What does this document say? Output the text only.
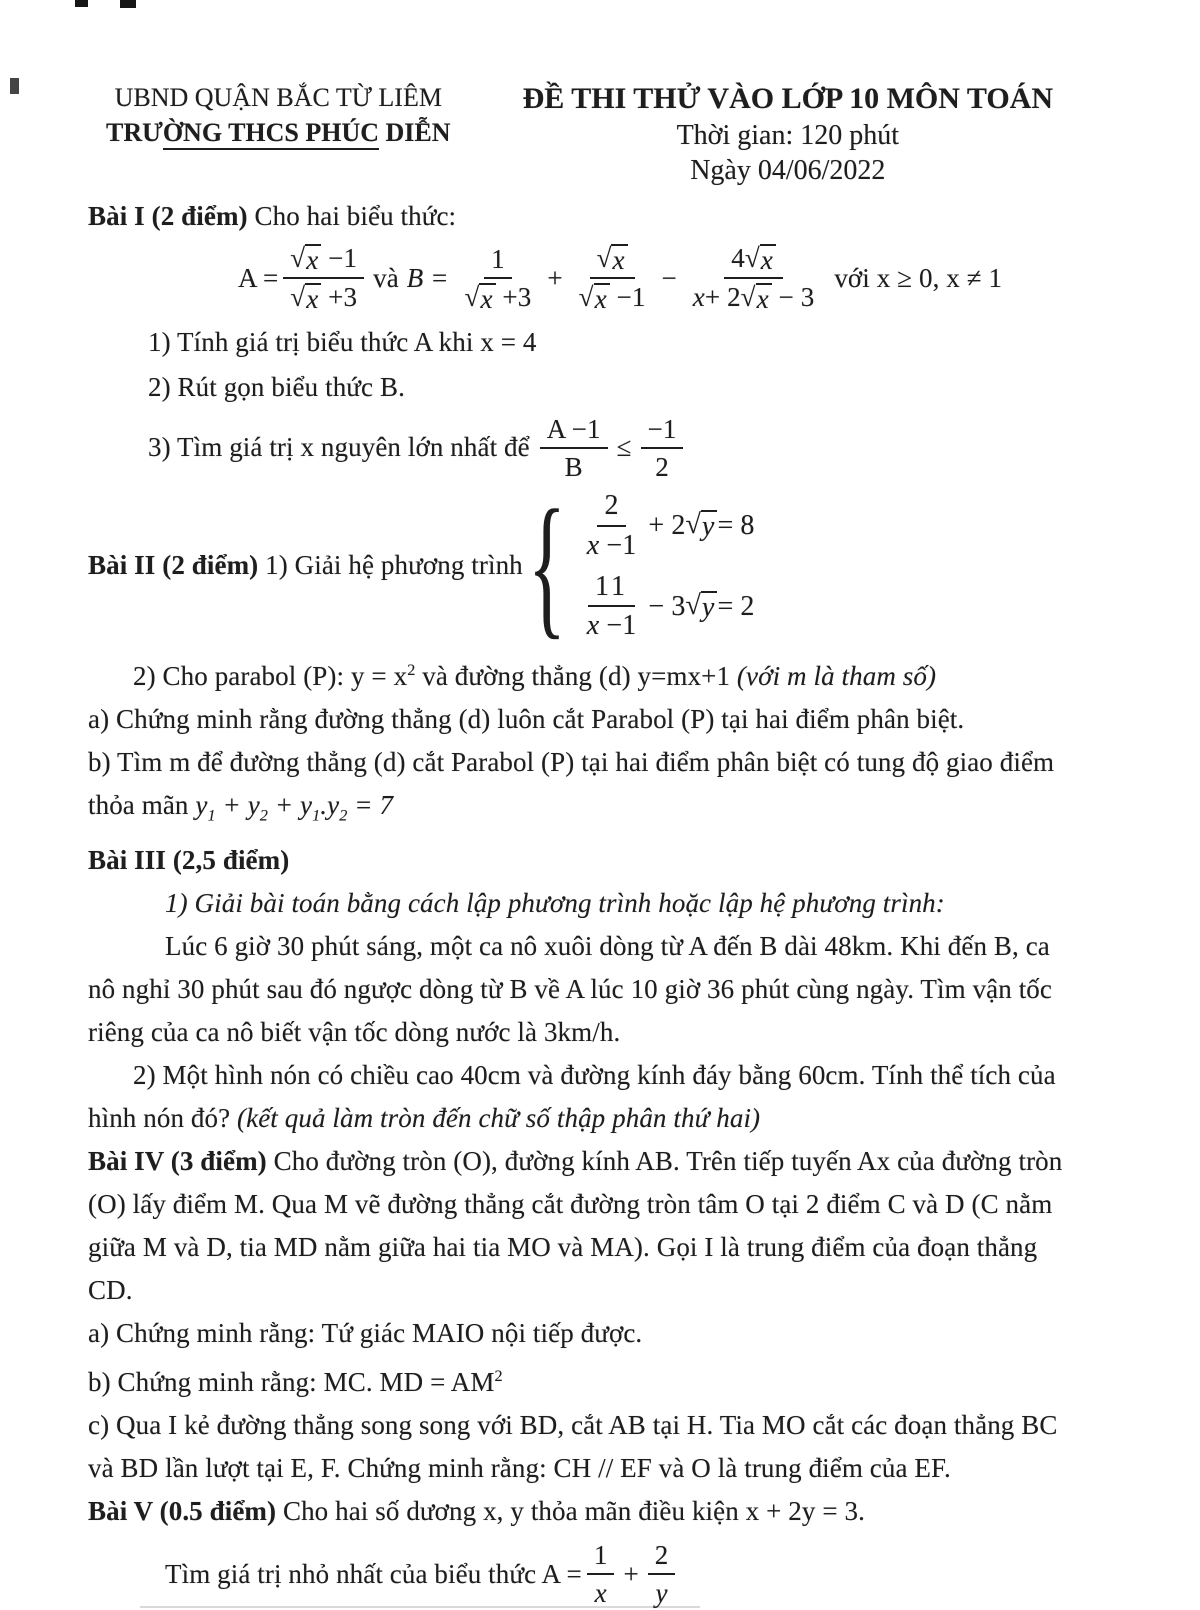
UBND QUẬN BẮC TỪ LIÊM
TRƯỜNG THCS PHÚC DIỄN
ĐỀ THI THỬ VÀO LỚP 10 MÔN TOÁN
Thời gian: 120 phút
Ngày 04/06/2022
Bài I (2 điểm) Cho hai biểu thức:
A = √ x −1
√ x +3 và B = 1
√ x +3 + √ x
√ $x -1 - \frac{4 √ x}{x+ 2 √ x - 3}$ với x ≥ 0, x ≠ 1
1) Tính giá trị biểu thức A khi x = 4
2) Rút gọn biểu thức B.
3) Tìm giá trị x nguyên lớn nhất để $\frac{A -1}{B} \le \frac{-1}{2}$
Bài II (2 điểm) 1) Giải hệ phương trình { $\frac{2}{x -1} + 2$ √ y = 8
$\frac{11}{x -1} - 3$ √ y = 2
2) Cho parabol (P): $y = x^2$ và đường thẳng (d) y=mx+1 (với m là tham số)
a) Chứng minh rằng đường thẳng (d) luôn cắt Parabol (P) tại hai điểm phân biệt.
b) Tìm m để đường thẳng (d) cắt Parabol (P) tại hai điểm phân biệt có tung độ giao điểm
thỏa mãn $y_1 + y_2 + y_1.y_2 = 7$
Bài III (2,5 điểm)
1) Giải bài toán bằng cách lập phương trình hoặc lập hệ phương trình:
Lúc 6 giờ 30 phút sáng, một ca nô xuôi dòng từ A đến B dài 48km. Khi đến B, ca
nô nghỉ 30 phút sau đó ngược dòng từ B về A lúc 10 giờ 36 phút cùng ngày. Tìm vận tốc
riêng của ca nô biết vận tốc dòng nước là 3km/h.
2) Một hình nón có chiều cao 40cm và đường kính đáy bằng 60cm. Tính thể tích của
hình nón đó? (kết quả làm tròn đến chữ số thập phân thứ hai)
Bài IV (3 điểm) Cho đường tròn (O), đường kính AB. Trên tiếp tuyến Ax của đường tròn
(O) lấy điểm M. Qua M vẽ đường thẳng cắt đường tròn tâm O tại 2 điểm C và D (C nằm
giữa M và D, tia MD nằm giữa hai tia MO và MA). Gọi I là trung điểm của đoạn thẳng
CD.
a) Chứng minh rằng: Tứ giác MAIO nội tiếp được.
b) Chứng minh rằng: MC. MD = $AM^2$
c) Qua I kẻ đường thẳng song song với BD, cắt AB tại H. Tia MO cắt các đoạn thẳng BC
và BD lần lượt tại E, F. Chứng minh rằng: CH // EF và O là trung điểm của EF.
Bài V (0.5 điểm) Cho hai số dương x, y thỏa mãn điều kiện x + 2y = 3.
Tìm giá trị nhỏ nhất của biểu thức $A = \frac{1}{x} + \frac{2}{y}$
